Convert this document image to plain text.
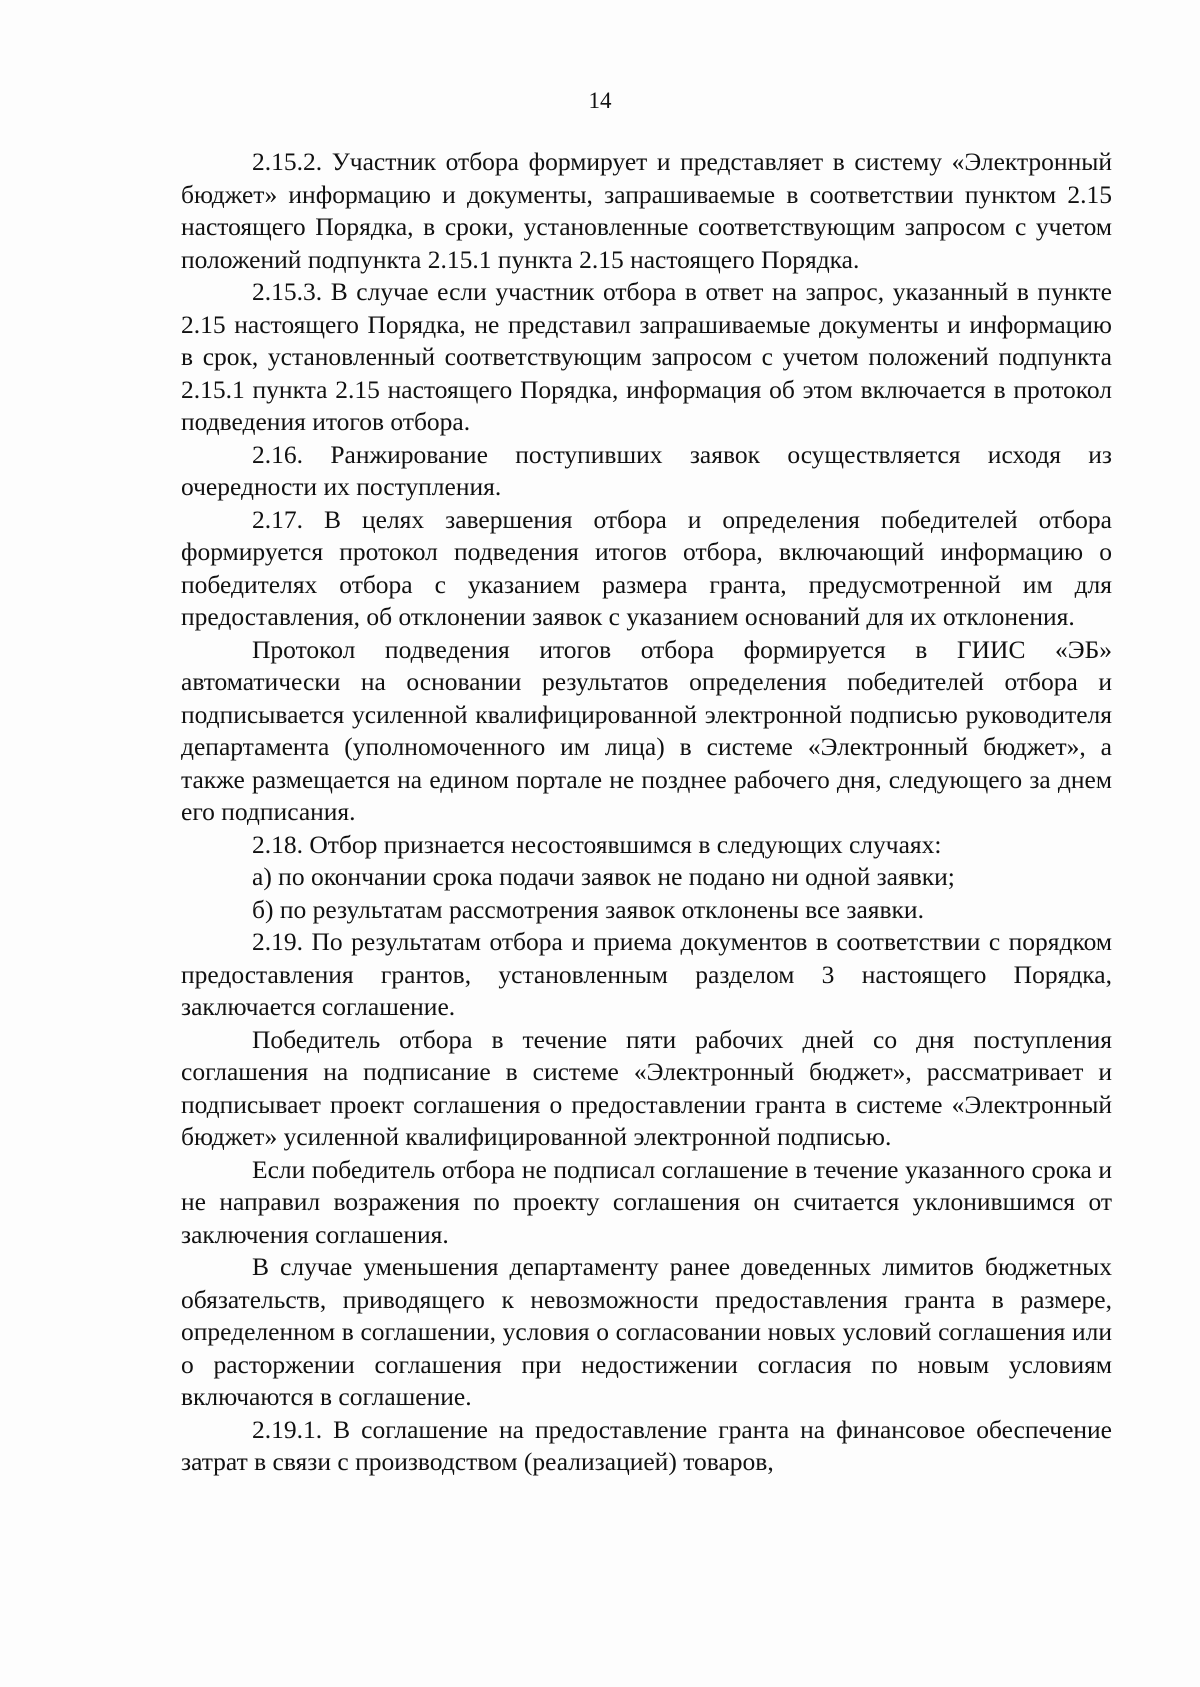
14

2.15.2. Участник отбора формирует и представляет в систему «Электронный бюджет» информацию и документы, запрашиваемые в соответствии пунктом 2.15 настоящего Порядка, в сроки, установленные соответствующим запросом с учетом положений подпункта 2.15.1 пункта 2.15 настоящего Порядка.

2.15.3. В случае если участник отбора в ответ на запрос, указанный в пункте 2.15 настоящего Порядка, не представил запрашиваемые документы и информацию в срок, установленный соответствующим запросом с учетом положений подпункта 2.15.1 пункта 2.15 настоящего Порядка, информация об этом включается в протокол подведения итогов отбора.

2.16. Ранжирование поступивших заявок осуществляется исходя из очередности их поступления.

2.17. В целях завершения отбора и определения победителей отбора формируется протокол подведения итогов отбора, включающий информацию о победителях отбора с указанием размера гранта, предусмотренной им для предоставления, об отклонении заявок с указанием оснований для их отклонения.

Протокол подведения итогов отбора формируется в ГИИС «ЭБ» автоматически на основании результатов определения победителей отбора и подписывается усиленной квалифицированной электронной подписью руководителя департамента (уполномоченного им лица) в системе «Электронный бюджет», а также размещается на едином портале не позднее рабочего дня, следующего за днем его подписания.

2.18. Отбор признается несостоявшимся в следующих случаях:

а) по окончании срока подачи заявок не подано ни одной заявки;

б) по результатам рассмотрения заявок отклонены все заявки.

2.19. По результатам отбора и приема документов в соответствии с порядком предоставления грантов, установленным разделом 3 настоящего Порядка, заключается соглашение.

Победитель отбора в течение пяти рабочих дней со дня поступления соглашения на подписание в системе «Электронный бюджет», рассматривает и подписывает проект соглашения о предоставлении гранта в системе «Электронный бюджет» усиленной квалифицированной электронной подписью.

Если победитель отбора не подписал соглашение в течение указанного срока и не направил возражения по проекту соглашения он считается уклонившимся от заключения соглашения.

В случае уменьшения департаменту ранее доведенных лимитов бюджетных обязательств, приводящего к невозможности предоставления гранта в размере, определенном в соглашении, условия о согласовании новых условий соглашения или о расторжении соглашения при недостижении согласия по новым условиям включаются в соглашение.

2.19.1. В соглашение на предоставление гранта на финансовое обеспечение затрат в связи с производством (реализацией) товаров,
